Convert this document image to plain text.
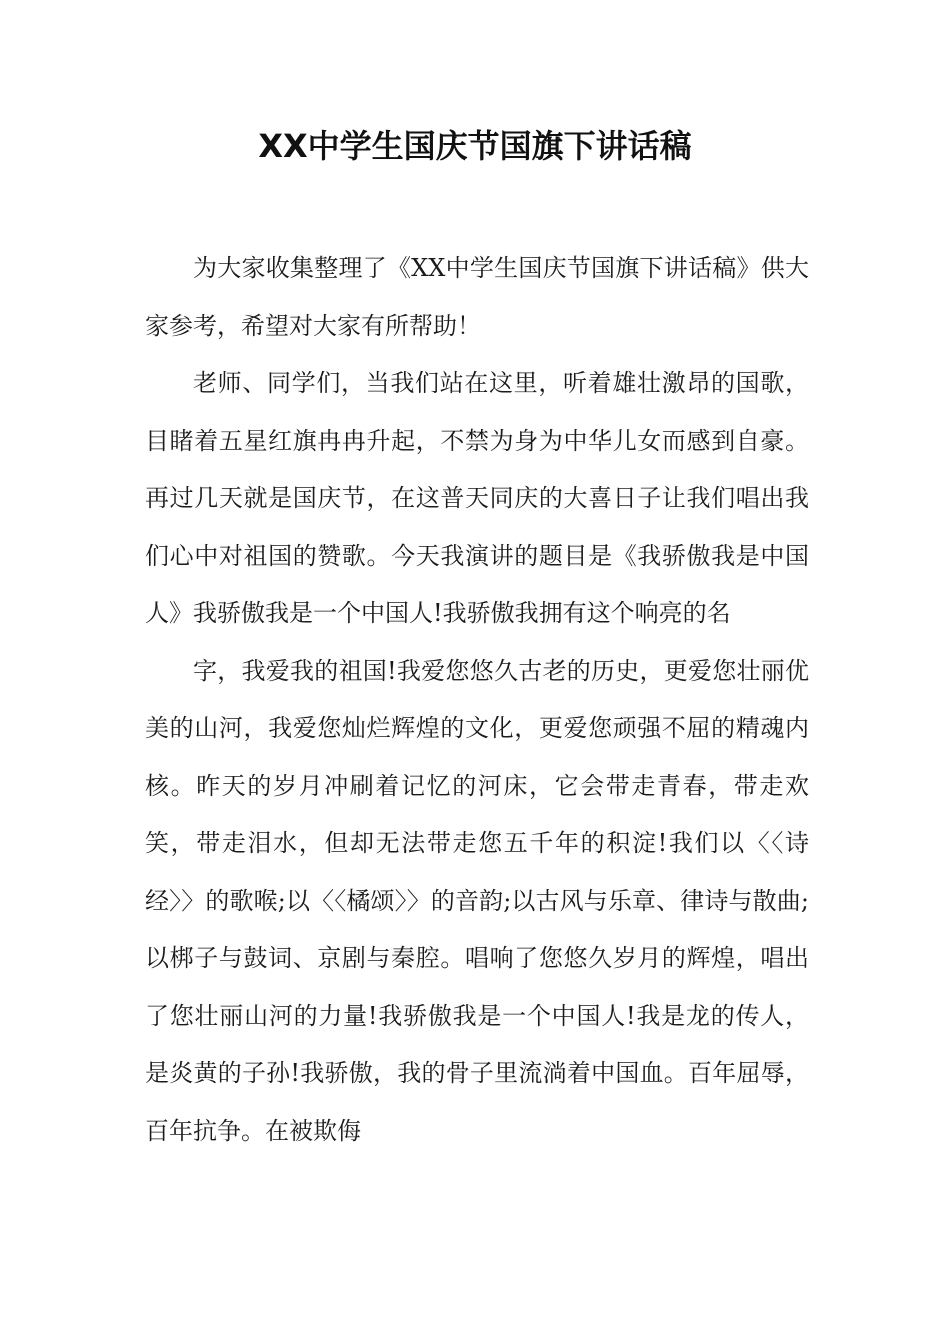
XX中学生国庆节国旗下讲话稿

为大家收集整理了《XX中学生国庆节国旗下讲话稿》供大家参考，希望对大家有所帮助！

老师、同学们，当我们站在这里，听着雄壮激昂的国歌，目睹着五星红旗冉冉升起，不禁为身为中华儿女而感到自豪。再过几天就是国庆节，在这普天同庆的大喜日子让我们唱出我们心中对祖国的赞歌。今天我演讲的题目是《我骄傲我是中国人》我骄傲我是一个中国人!我骄傲我拥有这个响亮的名

字，我爱我的祖国!我爱您悠久古老的历史，更爱您壮丽优美的山河，我爱您灿烂辉煌的文化，更爱您顽强不屈的精魂内核。昨天的岁月冲刷着记忆的河床，它会带走青春，带走欢笑，带走泪水，但却无法带走您五千年的积淀!我们以〈〈诗经〉〉的歌喉;以〈〈橘颂〉〉的音韵;以古风与乐章、律诗与散曲;以梆子与鼓词、京剧与秦腔。唱响了您悠久岁月的辉煌，唱出了您壮丽山河的力量!我骄傲我是一个中国人!我是龙的传人，是炎黄的子孙!我骄傲，我的骨子里流淌着中国血。百年屈辱，百年抗争。在被欺侮
